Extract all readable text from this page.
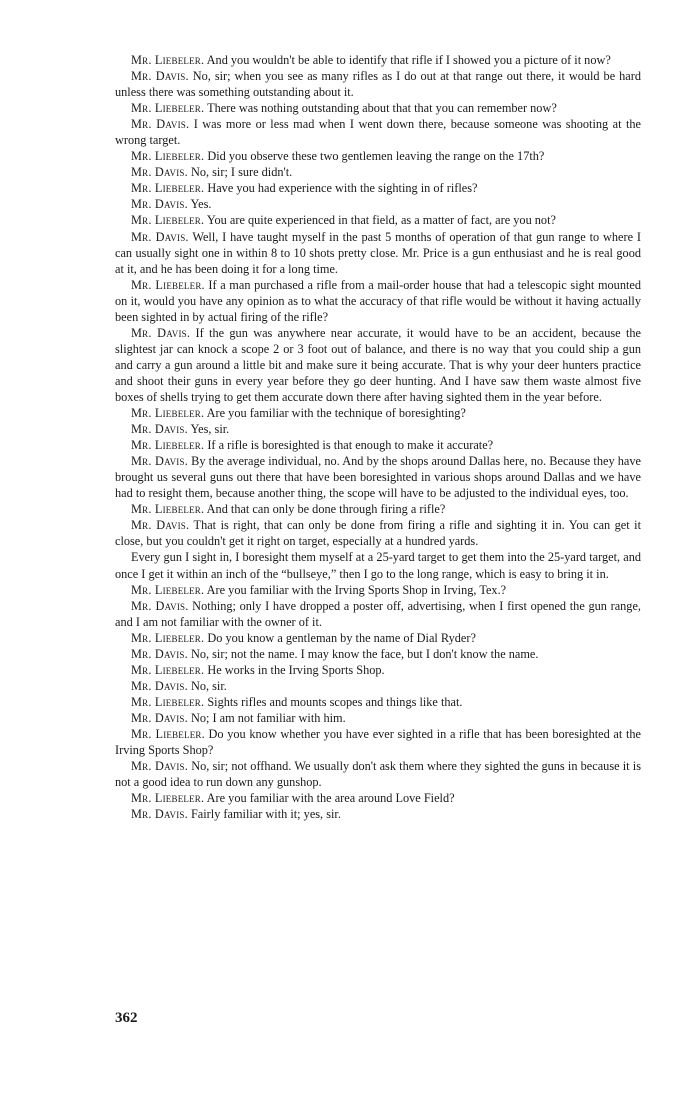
Mr. Liebeler. And you wouldn't be able to identify that rifle if I showed you a picture of it now?

Mr. Davis. No, sir; when you see as many rifles as I do out at that range out there, it would be hard unless there was something outstanding about it.

Mr. Liebeler. There was nothing outstanding about that that you can remember now?

Mr. Davis. I was more or less mad when I went down there, because someone was shooting at the wrong target.

Mr. Liebeler. Did you observe these two gentlemen leaving the range on the 17th?

Mr. Davis. No, sir; I sure didn't.

Mr. Liebeler. Have you had experience with the sighting in of rifles?

Mr. Davis. Yes.

Mr. Liebeler. You are quite experienced in that field, as a matter of fact, are you not?

Mr. Davis. Well, I have taught myself in the past 5 months of operation of that gun range to where I can usually sight one in within 8 to 10 shots pretty close. Mr. Price is a gun enthusiast and he is real good at it, and he has been doing it for a long time.

Mr. Liebeler. If a man purchased a rifle from a mail-order house that had a telescopic sight mounted on it, would you have any opinion as to what the accuracy of that rifle would be without it having actually been sighted in by actual firing of the rifle?

Mr. Davis. If the gun was anywhere near accurate, it would have to be an accident, because the slightest jar can knock a scope 2 or 3 foot out of balance, and there is no way that you could ship a gun and carry a gun around a little bit and make sure it being accurate. That is why your deer hunters practice and shoot their guns in every year before they go deer hunting. And I have saw them waste almost five boxes of shells trying to get them accurate down there after having sighted them in the year before.

Mr. Liebeler. Are you familiar with the technique of boresighting?

Mr. Davis. Yes, sir.

Mr. Liebeler. If a rifle is boresighted is that enough to make it accurate?

Mr. Davis. By the average individual, no. And by the shops around Dallas here, no. Because they have brought us several guns out there that have been boresighted in various shops around Dallas and we have had to resight them, because another thing, the scope will have to be adjusted to the individual eyes, too.

Mr. Liebeler. And that can only be done through firing a rifle?

Mr. Davis. That is right, that can only be done from firing a rifle and sighting it in. You can get it close, but you couldn't get it right on target, especially at a hundred yards.

Every gun I sight in, I boresight them myself at a 25-yard target to get them into the 25-yard target, and once I get it within an inch of the “bullseye,” then I go to the long range, which is easy to bring it in.

Mr. Liebeler. Are you familiar with the Irving Sports Shop in Irving, Tex.?

Mr. Davis. Nothing; only I have dropped a poster off, advertising, when I first opened the gun range, and I am not familiar with the owner of it.

Mr. Liebeler. Do you know a gentleman by the name of Dial Ryder?

Mr. Davis. No, sir; not the name. I may know the face, but I don't know the name.

Mr. Liebeler. He works in the Irving Sports Shop.

Mr. Davis. No, sir.

Mr. Liebeler. Sights rifles and mounts scopes and things like that.

Mr. Davis. No; I am not familiar with him.

Mr. Liebeler. Do you know whether you have ever sighted in a rifle that has been boresighted at the Irving Sports Shop?

Mr. Davis. No, sir; not offhand. We usually don't ask them where they sighted the guns in because it is not a good idea to run down any gunshop.

Mr. Liebeler. Are you familiar with the area around Love Field?

Mr. Davis. Fairly familiar with it; yes, sir.

362
